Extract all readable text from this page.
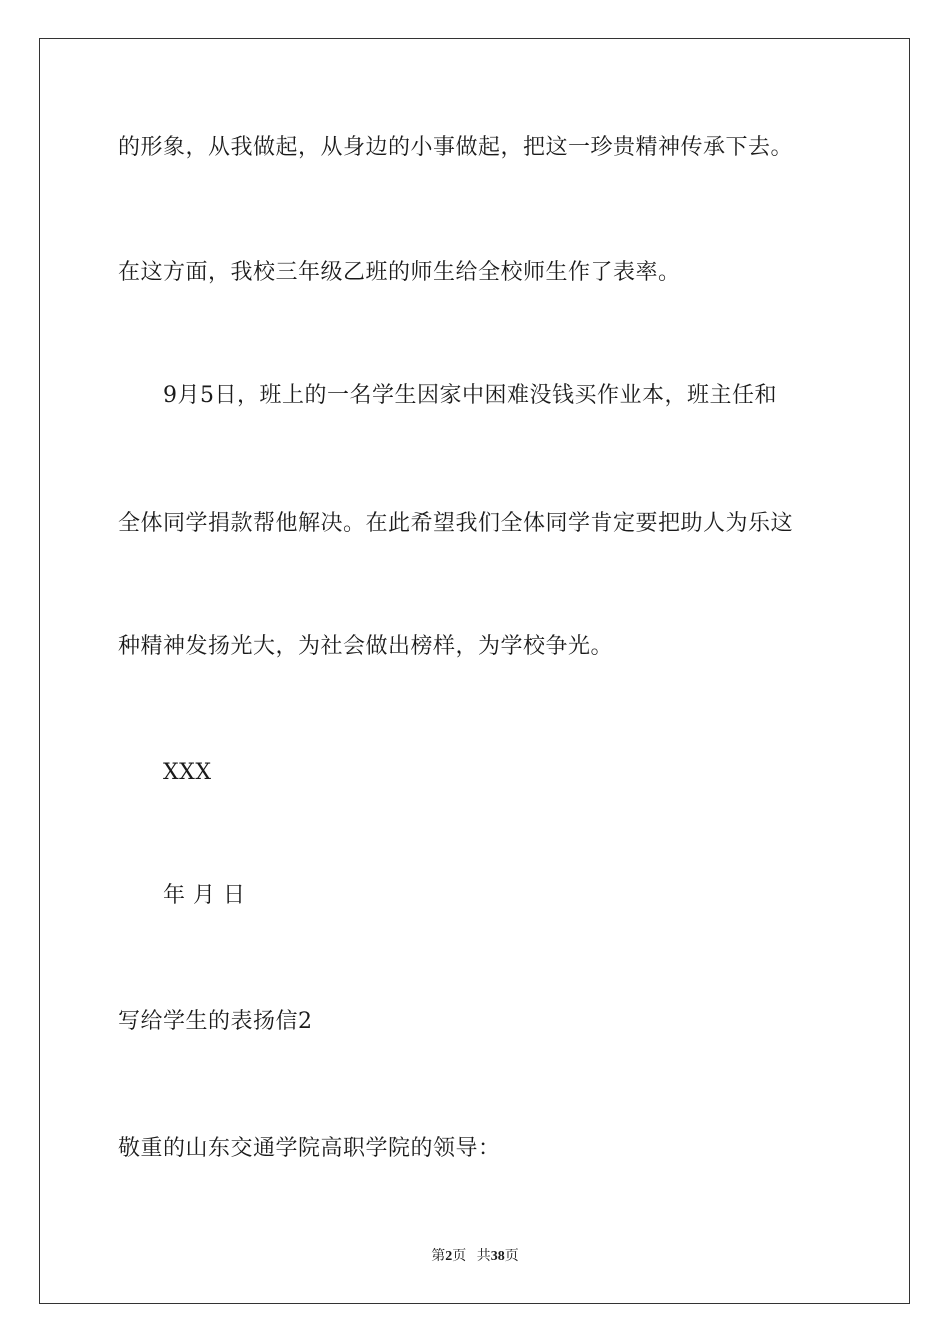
的形象，从我做起，从身边的小事做起，把这一珍贵精神传承下去。
在这方面，我校三年级乙班的师生给全校师生作了表率。
9月5日，班上的一名学生因家中困难没钱买作业本，班主任和
全体同学捐款帮他解决。在此希望我们全体同学肯定要把助人为乐这
种精神发扬光大，为社会做出榜样，为学校争光。
XXX
年 月 日
写给学生的表扬信2
敬重的山东交通学院高职学院的领导：
第2页 共38页
